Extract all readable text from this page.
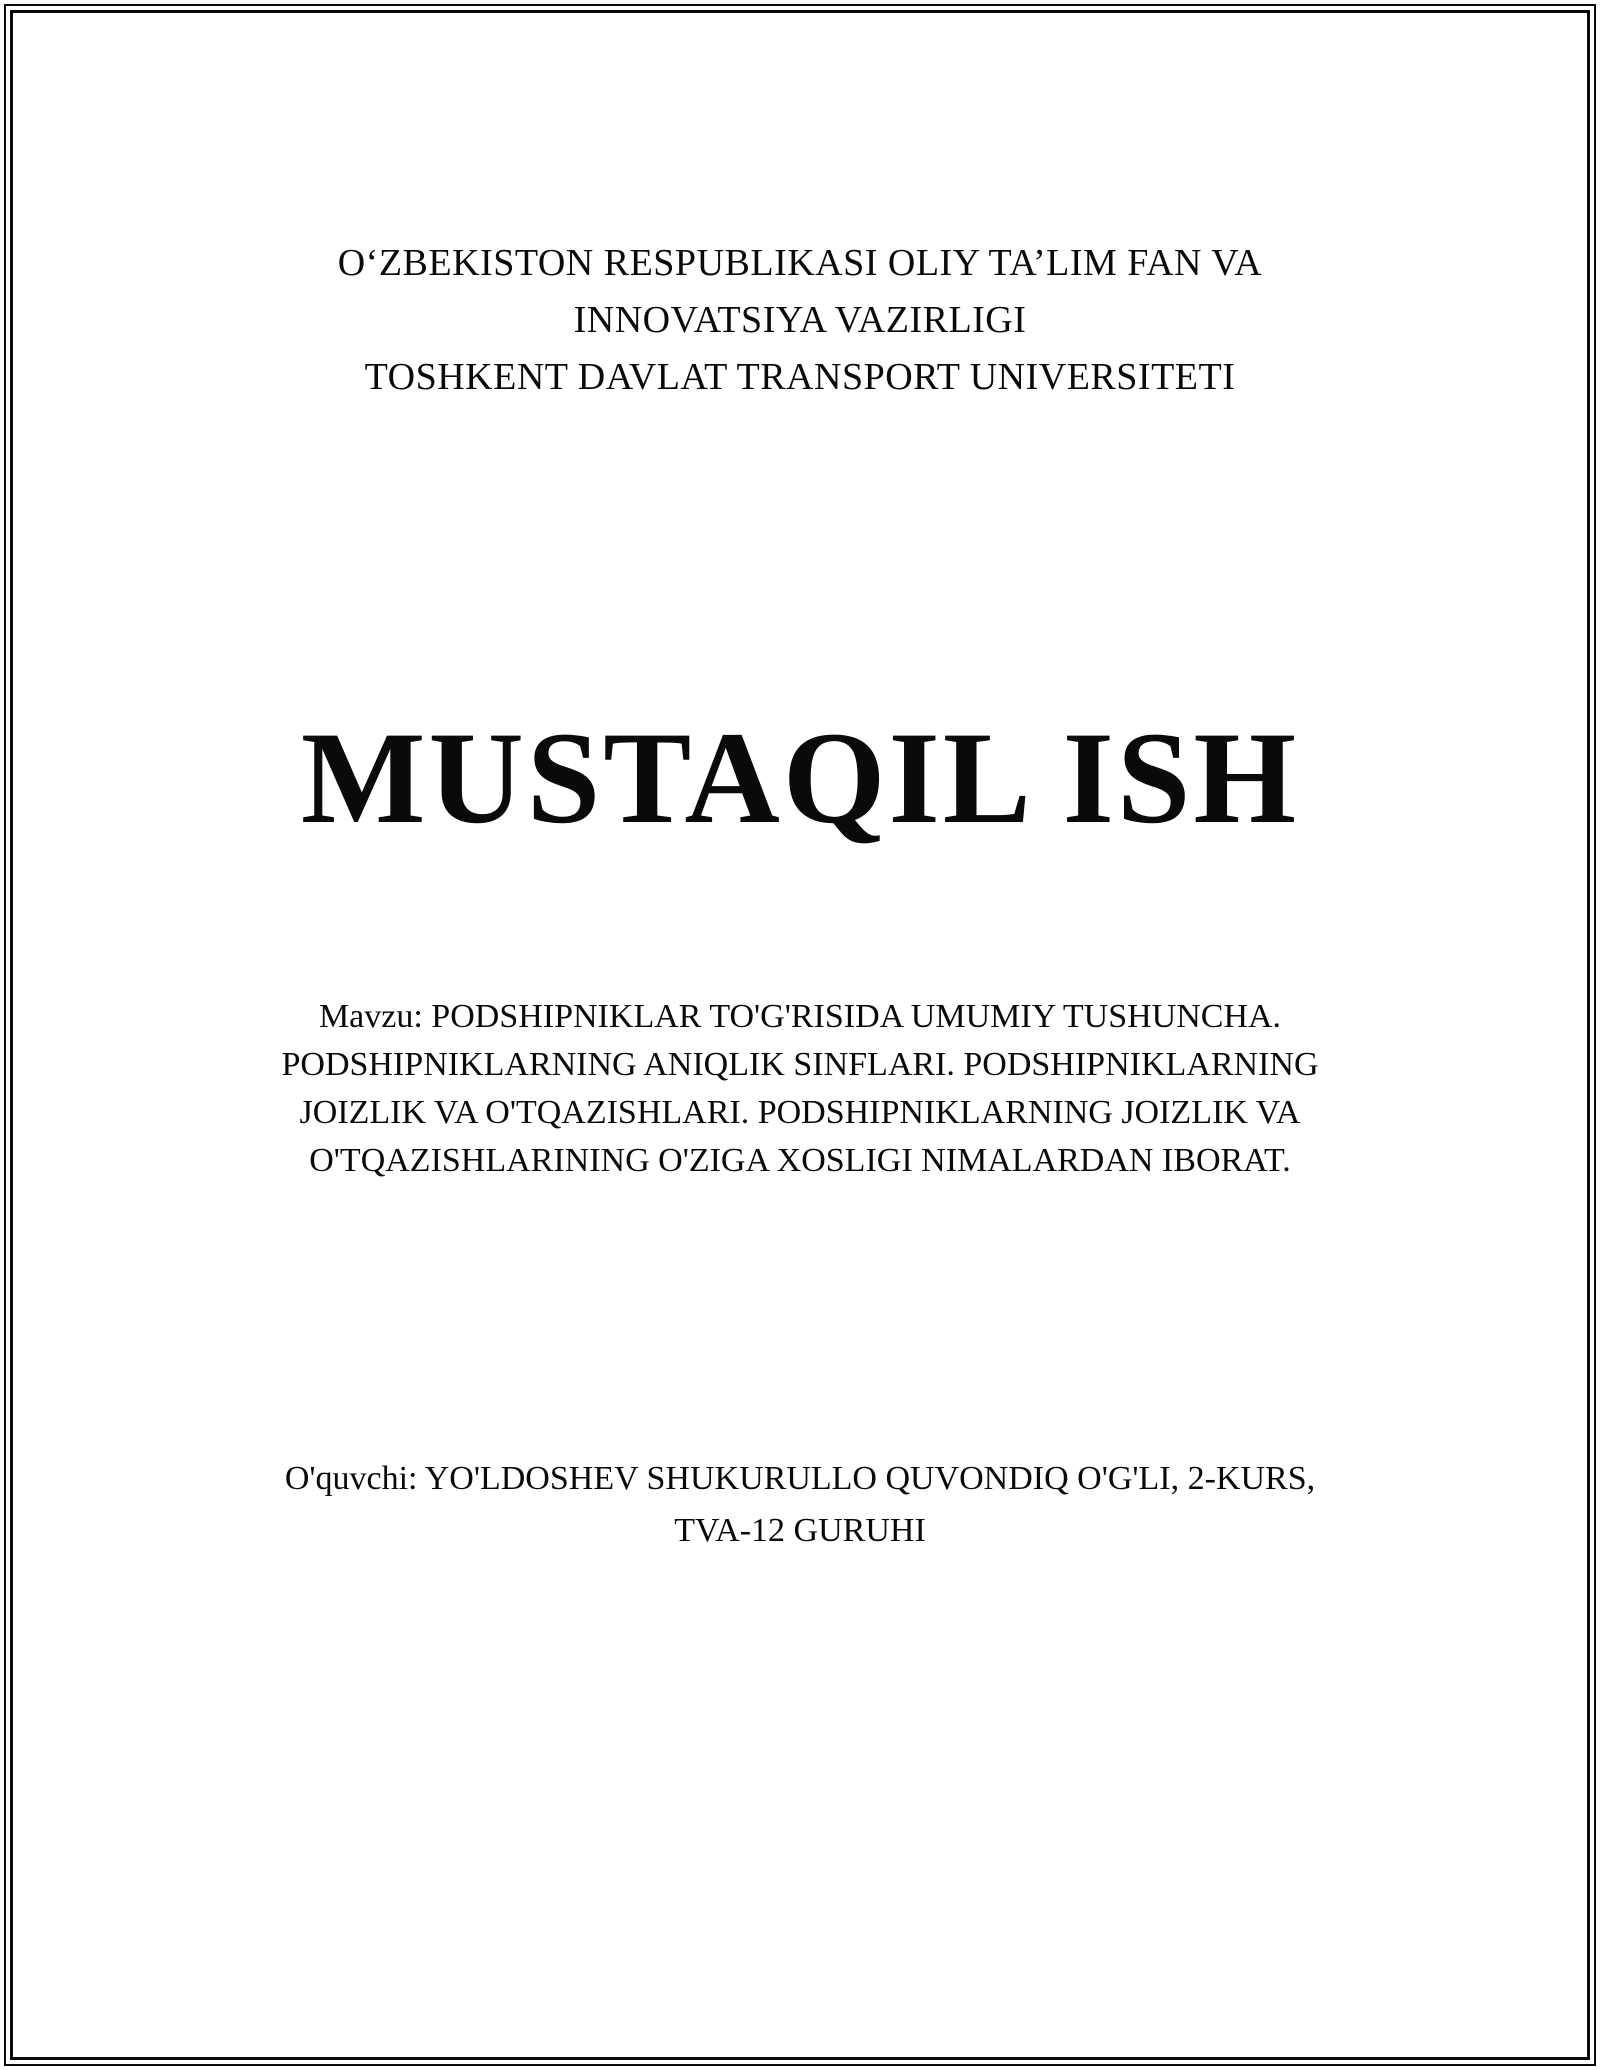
O‘ZBEKISTON RESPUBLIKASI OLIY TA’LIM FAN VA
INNOVATSIYA VAZIRLIGI
TOSHKENT DAVLAT TRANSPORT UNIVERSITETI
MUSTAQIL ISH
Mavzu: PODSHIPNIKLAR TO'G'RISIDA UMUMIY TUSHUNCHA.
PODSHIPNIKLARNING ANIQLIK SINFLARI. PODSHIPNIKLARNING
JOIZLIK VA O'TQAZISHLARI. PODSHIPNIKLARNING JOIZLIK VA
O'TQAZISHLARINING O'ZIGA XOSLIGI NIMALARDAN IBORAT.
O'quvchi: YO'LDOSHEV SHUKURULLO QUVONDIQ O'G'LI, 2-KURS,
TVA-12 GURUHI
